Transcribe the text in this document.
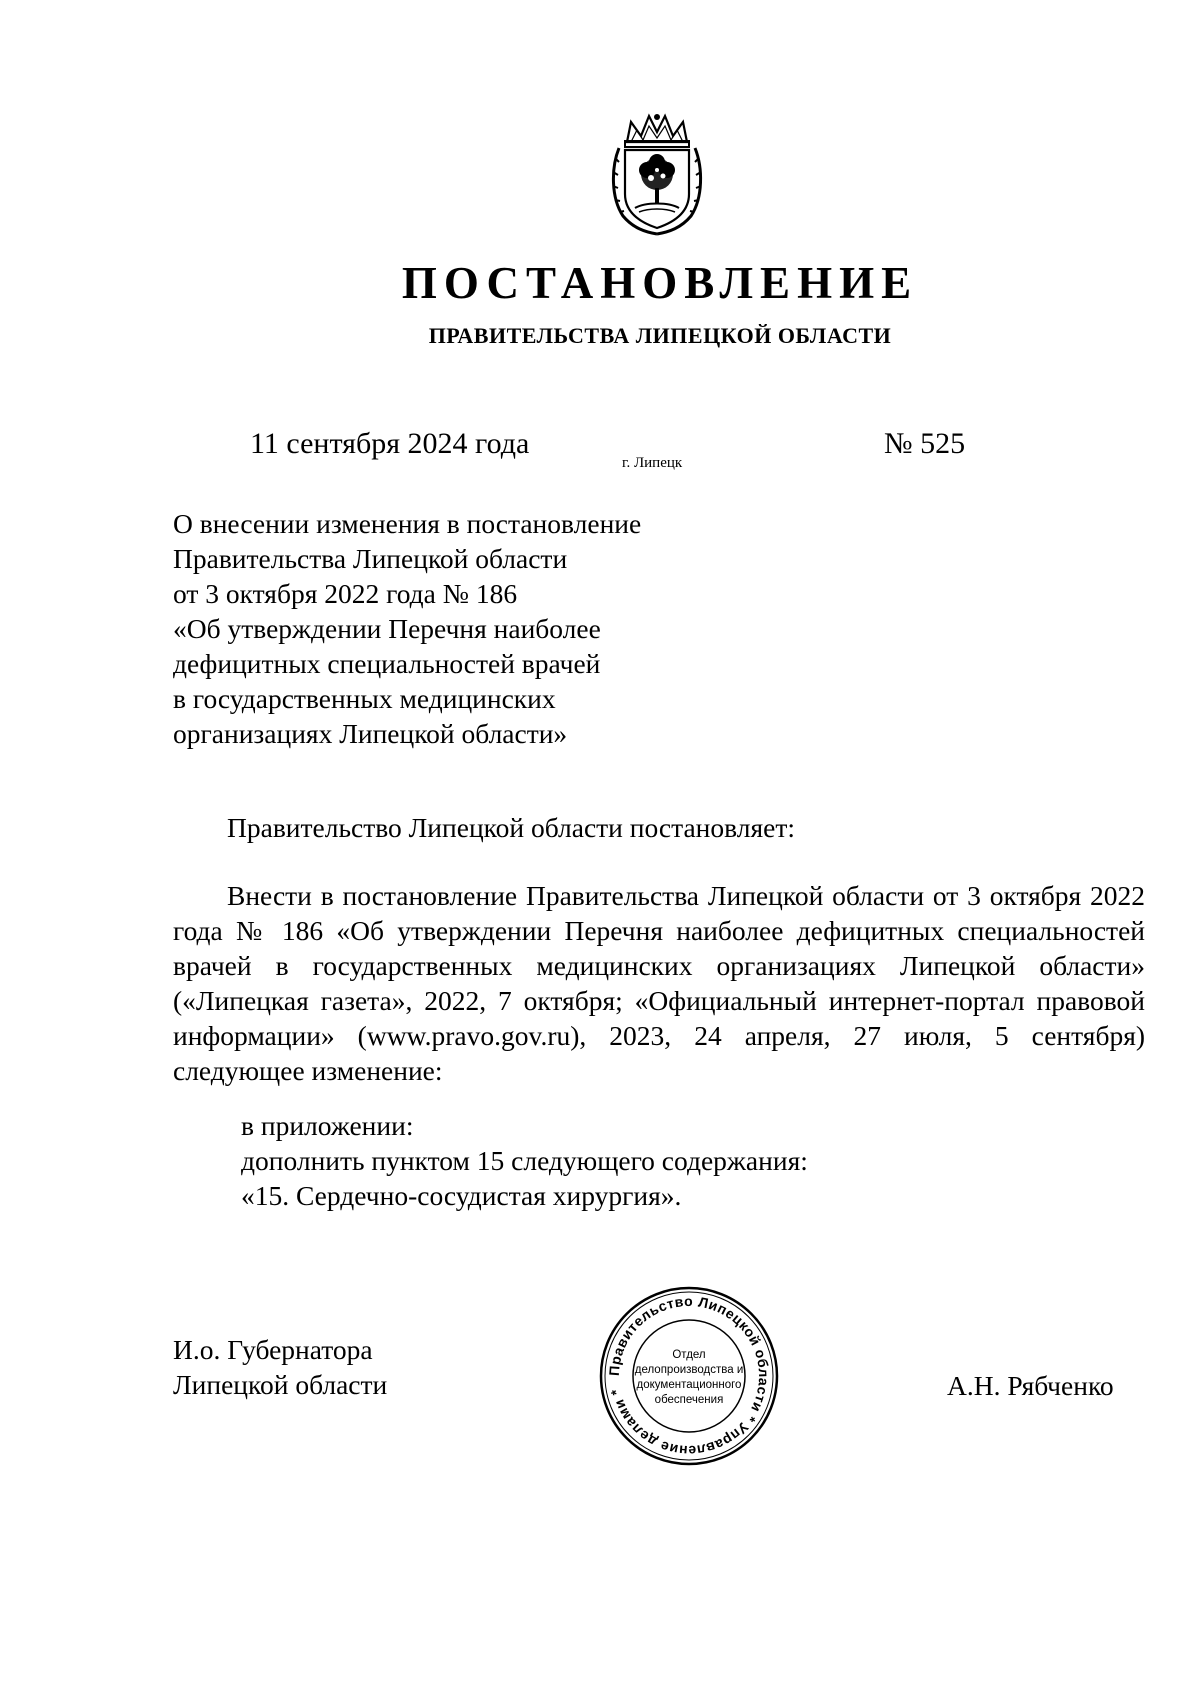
ПОСТАНОВЛЕНИЕ
ПРАВИТЕЛЬСТВА ЛИПЕЦКОЙ ОБЛАСТИ
11 сентября 2024 года
г. Липецк
№ 525
О внесении изменения в постановление
Правительства Липецкой области
от 3 октября 2022 года № 186
«Об утверждении Перечня наиболее
дефицитных специальностей врачей
в государственных медицинских
организациях Липецкой области»
Правительство Липецкой области постановляет:
Внести в постановление Правительства Липецкой области от 3 октября 2022 года № 186 «Об утверждении Перечня наиболее дефицитных специальностей врачей в государственных медицинских организациях Липецкой области» («Липецкая газета», 2022, 7 октября; «Официальный интернет-портал правовой информации» (www.pravo.gov.ru), 2023, 24 апреля, 27 июля, 5 сентября) следующее изменение:
в приложении:
дополнить пунктом 15 следующего содержания:
«15. Сердечно-сосудистая хирургия».
И.о. Губернатора
Липецкой области	А.Н. Рябченко
Правительство Липецкой области * Управление делами *
Отдел
делопроизводства и
документационного
обеспечения
